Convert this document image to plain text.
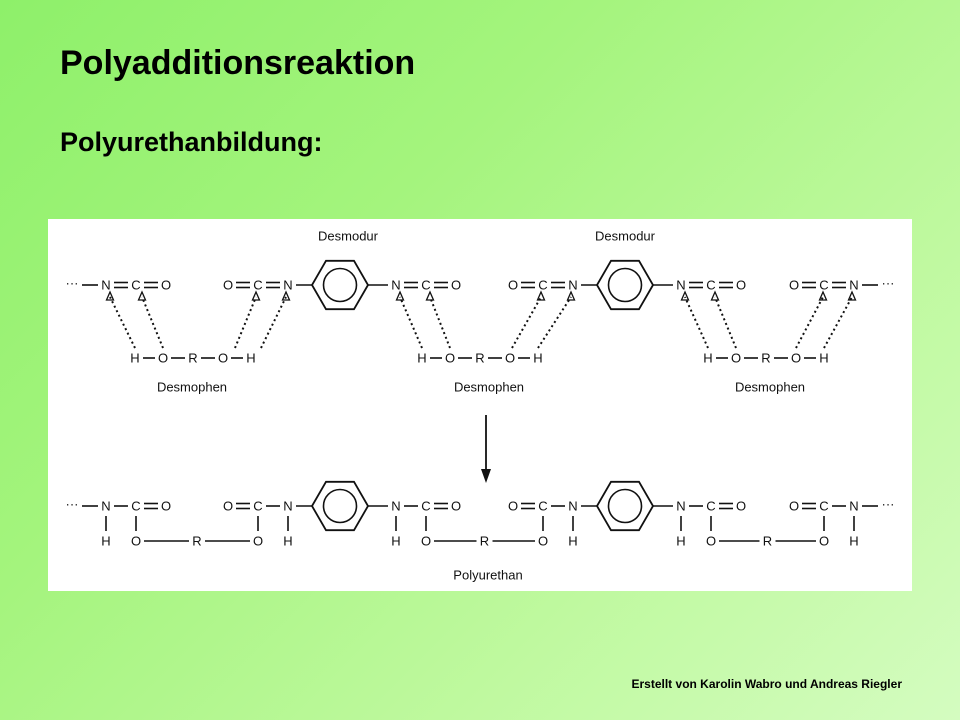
Polyadditionsreaktion
Polyurethanbildung:
··· N C O	O C N	N C O
Desmodur
O C N	N C O
Desmodur
O C N ···
H O R O H
Desmophen
H O R O H
Desmophen
H O R O H
Desmophen
··· N C O
H O
O C N
O H
R
N C O
H O
O C N
O H
R
N C O
H O
O C N
O H
R
···
Polyurethan
Erstellt von Karolin Wabro und Andreas Riegler
